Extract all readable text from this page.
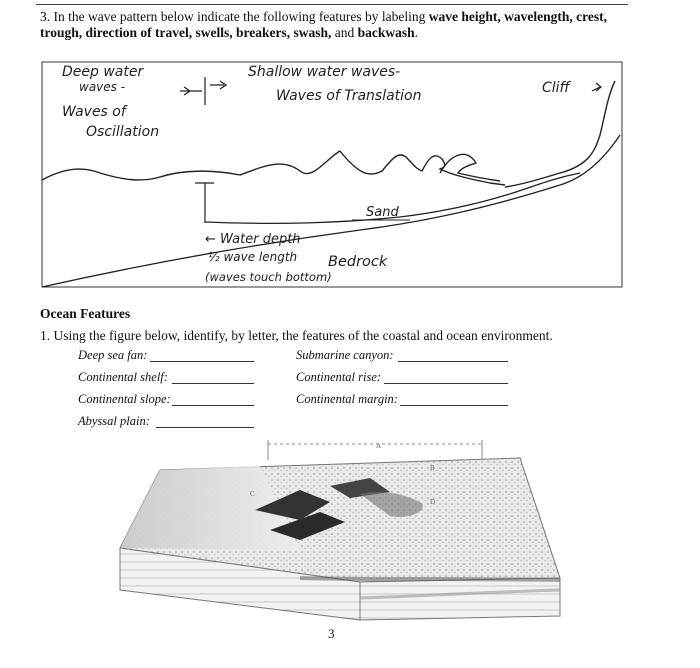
3. In the wave pattern below indicate the following features by labeling wave height, wavelength, crest,
trough, direction of travel, swells, breakers, swash, and backwash.
Deep water
waves -
Waves of
Oscillation
Shallow water waves-
Waves of Translation	Cliff
Sand
← Water depth
½ wave length
(waves touch bottom)
Bedrock
Ocean Features
1. Using the figure below, identify, by letter, the features of the coastal and ocean environment.
Deep sea fan:
Continental shelf:
Continental slope:
Abyssal plain:
Submarine canyon:
Continental rise:
Continental margin:
A
B
C
D
3
